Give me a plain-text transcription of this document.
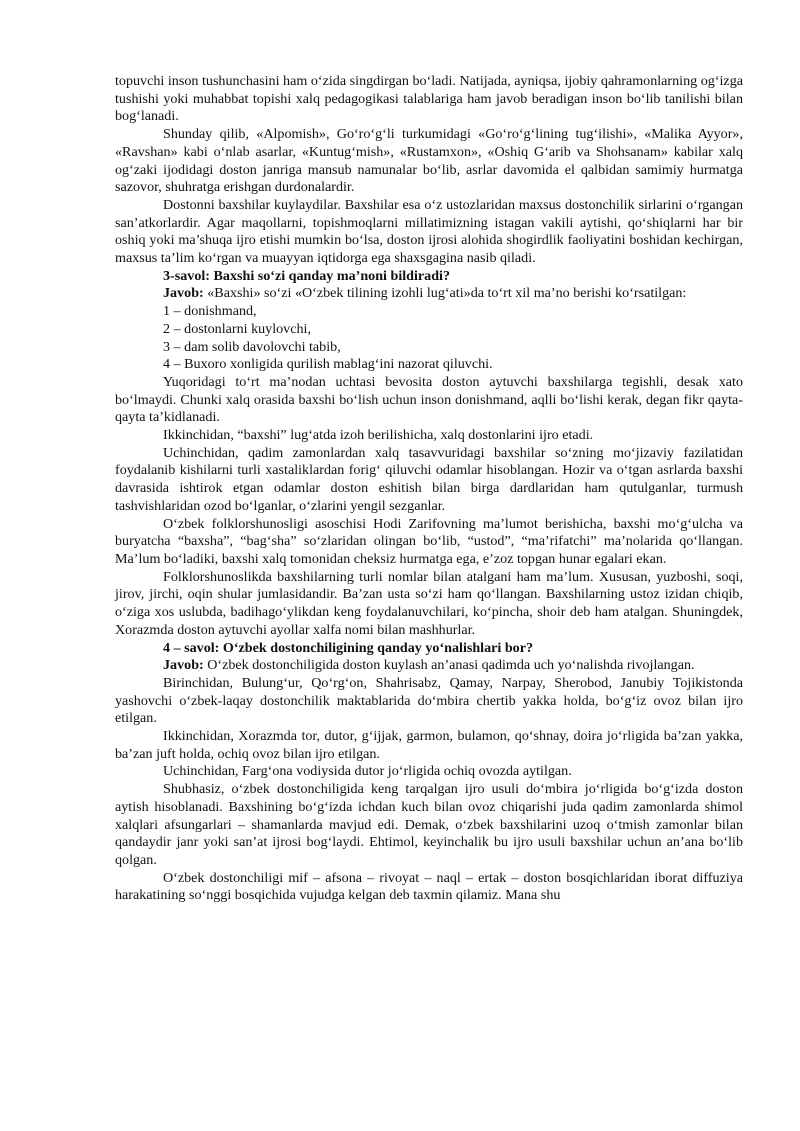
topuvchi inson tushunchasini ham o‘zida singdirgan bo‘ladi. Natijada, ayniqsa, ijobiy qahramonlarning og‘izga tushishi yoki muhabbat topishi xalq pedagogikasi talablariga ham javob beradigan inson bo‘lib tanilishi bilan bog‘lanadi.

Shunday qilib, «Alpomish», Go‘ro‘g‘li turkumidagi «Go‘ro‘g‘lining tug‘ilishi», «Malika Ayyor», «Ravshan» kabi o‘nlab asarlar, «Kuntug‘mish», «Rustamxon», «Oshiq G‘arib va Shohsanam» kabilar xalq og‘zaki ijodidagi doston janriga mansub namunalar bo‘lib, asrlar davomida el qalbidan samimiy hurmatga sazovor, shuhratga erishgan durdonalardir.

Dostonni baxshilar kuylaydilar. Baxshilar esa o‘z ustozlaridan maxsus dostonchilik sirlarini o‘rgangan san’atkorlardir. Agar maqollarni, topishmoqlarni millatimizning istagan vakili aytishi, qo‘shiqlarni har bir oshiq yoki ma’shuqa ijro etishi mumkin bo‘lsa, doston ijrosi alohida shogirdlik faoliyatini boshidan kechirgan, maxsus ta’lim ko‘rgan va muayyan iqtidorga ega shaxsgagina nasib qiladi.

3-savol: Baxshi so‘zi qanday ma’noni bildiradi?

Javob: «Baxshi» so‘zi «O‘zbek tilining izohli lug‘ati»da to‘rt xil ma’no berishi ko‘rsatilgan:

1 – donishmand,

2 – dostonlarni kuylovchi,

3 – dam solib davolovchi tabib,

4 – Buxoro xonligida qurilish mablag‘ini nazorat qiluvchi.

Yuqoridagi to‘rt ma’nodan uchtasi bevosita doston aytuvchi baxshilarga tegishli, desak xato bo‘lmaydi. Chunki xalq orasida baxshi bo‘lish uchun inson donishmand, aqlli bo‘lishi kerak, degan fikr qayta-qayta ta’kidlanadi.

Ikkinchidan, “baxshi” lug‘atda izoh berilishicha, xalq dostonlarini ijro etadi.

Uchinchidan, qadim zamonlardan xalq tasavvuridagi baxshilar so‘zning mo‘jizaviy fazilatidan foydalanib kishilarni turli xastaliklardan forig‘ qiluvchi odamlar hisoblangan. Hozir va o‘tgan asrlarda baxshi davrasida ishtirok etgan odamlar doston eshitish bilan birga dardlaridan ham qutulganlar, turmush tashvishlaridan ozod bo‘lganlar, o‘zlarini yengil sezganlar.

O‘zbek folklorshunosligi asoschisi Hodi Zarifovning ma’lumot berishicha, baxshi mo‘g‘ulcha va buryatcha “baxsha”, “bag‘sha” so‘zlaridan olingan bo‘lib, “ustod”, “ma’rifatchi” ma’nolarida qo‘llangan. Ma’lum bo‘ladiki, baxshi xalq tomonidan cheksiz hurmatga ega, e’zoz topgan hunar egalari ekan.

Folklorshunoslikda baxshilarning turli nomlar bilan atalgani ham ma’lum. Xususan, yuzboshi, soqi, jirov, jirchi, oqin shular jumlasidandir. Ba’zan usta so‘zi ham qo‘llangan. Baxshilarning ustoz izidan chiqib, o‘ziga xos uslubda, badihago‘ylikdan keng foydalanuvchilari, ko‘pincha, shoir deb ham atalgan. Shuningdek, Xorazmda doston aytuvchi ayollar xalfa nomi bilan mashhurlar.

4 – savol: O‘zbek dostonchiligining qanday yo‘nalishlari bor?

Javob: O‘zbek dostonchiligida doston kuylash an’anasi qadimda uch yo‘nalishda rivojlangan.

Birinchidan, Bulung‘ur, Qo‘rg‘on, Shahrisabz, Qamay, Narpay, Sherobod, Janubiy Tojikistonda yashovchi o‘zbek-laqay dostonchilik maktablarida do‘mbira chertib yakka holda, bo‘g‘iz ovoz bilan ijro etilgan.

Ikkinchidan, Xorazmda tor, dutor, g‘ijjak, garmon, bulamon, qo‘shnay, doira jo‘rligida ba’zan yakka, ba’zan juft holda, ochiq ovoz bilan ijro etilgan.

Uchinchidan, Farg‘ona vodiysida dutor jo‘rligida ochiq ovozda aytilgan.

Shubhasiz, o‘zbek dostonchiligida keng tarqalgan ijro usuli do‘mbira jo‘rligida bo‘g‘izda doston aytish hisoblanadi. Baxshining bo‘g‘izda ichdan kuch bilan ovoz chiqarishi juda qadim zamonlarda shimol xalqlari afsungarlari – shamanlarda mavjud edi. Demak, o‘zbek baxshilarini uzoq o‘tmish zamonlar bilan qandaydir janr yoki san’at ijrosi bog‘laydi. Ehtimol, keyinchalik bu ijro usuli baxshilar uchun an’ana bo‘lib qolgan.

O‘zbek dostonchiligi mif – afsona – rivoyat – naql – ertak – doston bosqichlaridan iborat diffuziya harakatining so‘nggi bosqichida vujudga kelgan deb taxmin qilamiz. Mana shu
